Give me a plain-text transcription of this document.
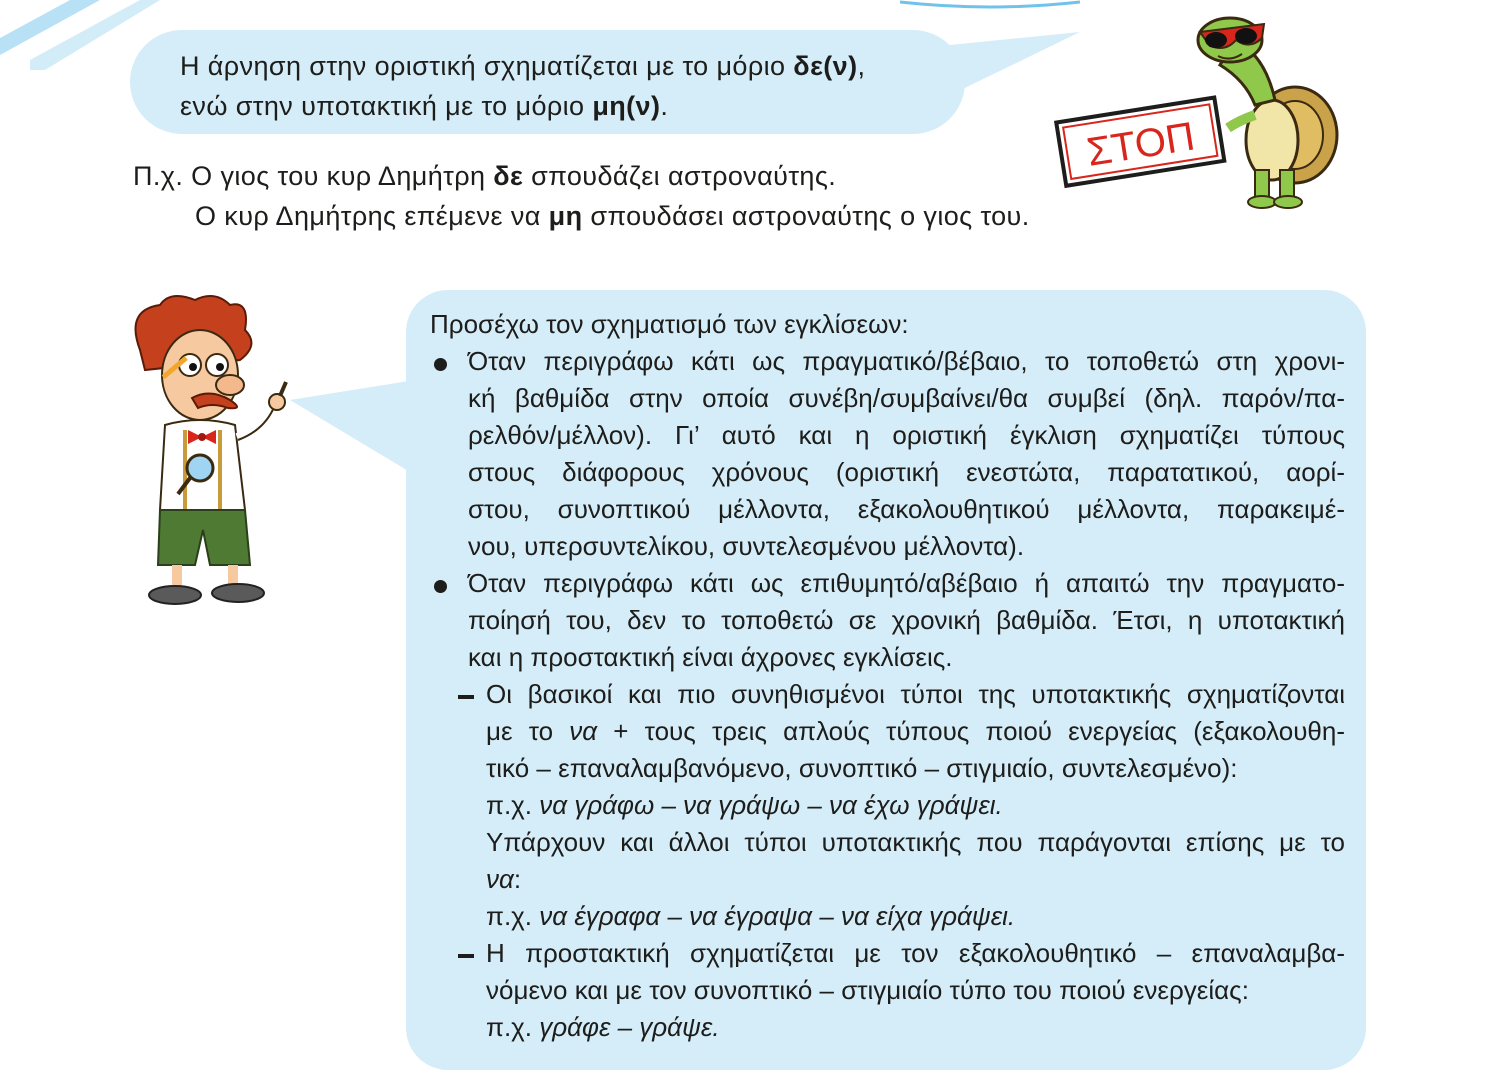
Η άρνηση στην οριστική σχηματίζεται με το μόριο δε(ν),
ενώ στην υποτακτική με το μόριο μη(ν).
Π.χ. Ο γιος του κυρ Δημήτρη δε σπουδάζει αστροναύτης.
Ο κυρ Δημήτρης επέμενε να μη σπουδάσει αστροναύτης ο γιος του.
ΣΤΟΠ
Προσέχω τον σχηματισμό των εγκλίσεων:
Όταν περιγράφω κάτι ως πραγματικό/βέβαιο, το τοποθετώ στη χρονι-
κή βαθμίδα στην οποία συνέβη/συμβαίνει/θα συμβεί (δηλ. παρόν/πα-
ρελθόν/μέλλον). Γι’ αυτό και η οριστική έγκλιση σχηματίζει τύπους
στους διάφορους χρόνους (οριστική ενεστώτα, παρατατικού, αορί-
στου, συνοπτικού μέλλοντα, εξακολουθητικού μέλλοντα, παρακειμέ-
νου, υπερσυντελίκου, συντελεσμένου μέλλοντα).
Όταν περιγράφω κάτι ως επιθυμητό/αβέβαιο ή απαιτώ την πραγματο-
ποίησή του, δεν το τοποθετώ σε χρονική βαθμίδα. Έτσι, η υποτακτική
και η προστακτική είναι άχρονες εγκλίσεις.
Οι βασικοί και πιο συνηθισμένοι τύποι της υποτακτικής σχηματίζονται
με το να + τους τρεις απλούς τύπους ποιού ενεργείας (εξακολουθη-
τικό – επαναλαμβανόμενο, συνοπτικό – στιγμιαίο, συντελεσμένο):
π.χ. να γράφω – να γράψω – να έχω γράψει.
Υπάρχουν και άλλοι τύποι υποτακτικής που παράγονται επίσης με το
να:
π.χ. να έγραφα – να έγραψα – να είχα γράψει.
Η προστακτική σχηματίζεται με τον εξακολουθητικό – επαναλαμβα-
νόμενο και με τον συνοπτικό – στιγμιαίο τύπο του ποιού ενεργείας:
π.χ. γράφε – γράψε.
